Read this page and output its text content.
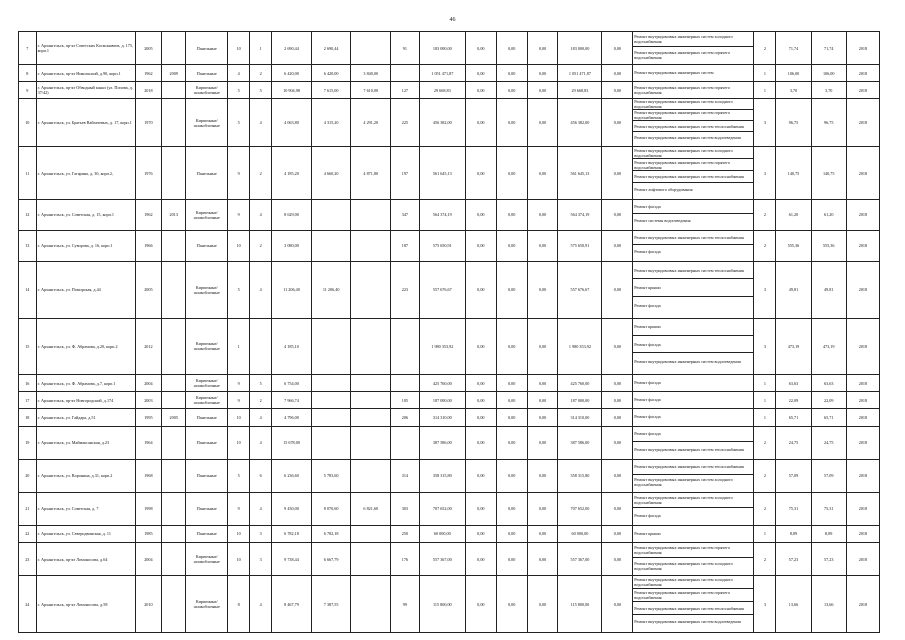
46
7	г. Архангельск, пр-кт Советских Космонавтов, д. 175, корп.1	2005		Панельные	10	1	2 690,44	2 690,44		91	183 000,00	0,00	0,00	0,00	183 000,00	0,00	Ремонт внутридомовых инженерных систем холодного водоснабжения
Ремонт внутридомовых инженерных систем горячего водоснабжения	2	71,74	71,74	2018
8	г. Архангельск, пр-кт Никольский, д.90, корп.1	1962	2009	Панельные	4	2	6 420,00	6 420,00	3 840,00		1 051 471,87	0,00	0,00	0,00	1 051 471,87	0,00	Ремонт внутридомовых инженерных систем	1	106,00	106,00	2018
9	г. Архангельск, пр-кт Обводный канал (ул. Попова, д. 37/42)	2018		Кирпичные/ шлакоблочные	5	5	10 904,98	7 615,00	7 610,00	127	29 668,83	0,00	0,00	0,00	29 668,83	0,00	Ремонт внутридомовых инженерных систем горячего водоснабжения	1	3,70	3,70	2018
10	г. Архангельск, ул. Братьев Вайгачевых, д. 17, корп.1	1970		Кирпичные/ шлакоблочные	5	4	4 063,80	4 315,20	4 291,20	225	456 382,00	0,00	0,00	0,00	456 382,00	0,00	Ремонт внутридомовых инженерных систем холодного водоснабжения
Ремонт внутридомовых инженерных систем горячего водоснабжения
Ремонт внутридомовых инженерных систем теплоснабжения
Ремонт внутридомовых инженерных систем водоотведения	3	96,75	96,75	2018
11	г. Архангельск, ул. Гагарина, д. 30, корп.2,	1976		Панельные	9	2	4 185,20	4 660,20	4 871,80	197	561 645,13	0,00	0,00	0,00	561 645,13	0,00	Ремонт внутридомовых инженерных систем холодного водоснабжения
Ремонт внутридомовых инженерных систем горячего водоснабжения
Ремонт внутридомовых инженерных систем теплоснабжения
Ремонт лифтового оборудования	3	140,75	140,75	2018
12	г. Архангельск, ул. Советская, д. 15, корп.1	1962	2013	Кирпичные/ шлакоблочные	9	4	8 629,00			347	564 374,19	0,00	0,00	0,00	564 374,19	0,00	Ремонт фасада
Ремонт системы водоотведения	2	61,20	61,20	2018
13	г. Архангельск, ул. Суворова, д. 16, корп.1	1966		Панельные	10	2	3 080,00			187	575 650,91	0,00	0,00	0,00	575 650,91	0,00	Ремонт внутридомовых инженерных систем теплоснабжения
Ремонт фасада	2	555,36	555,36	2018
14	г. Архангельск, ул. Поморская, д.44	2005		Кирпичные/ шлакоблочные	5	4	11 206,40	11 206,40		223	557 676,67	0,00	0,00	0,00	557 676,67	0,00	Ремонт внутридомовых инженерных систем теплоснабжения
Ремонт крыши
Ремонт фасада	3	49,81	49,81	2018
15	г. Архангельск, ул. Ф. Абрамова, д.20, корп.2	2012		Кирпичные/ шлакоблочные	1		4 185,10				1 980 353,92	0,00	0,00	0,00	1 980 353,92	0,00	Ремонт крыши
Ремонт фасада
Ремонт внутридомовых инженерных систем водоотведения	3	473,19	473,19	2018
16	г. Архангельск, ул. Ф. Абрамова, д.7, корп.1	2004		Кирпичные/ шлакоблочные	9	5	6 754,00				425 760,00	0,00	0,00	0,00	425 760,00	0,00	Ремонт фасада	1	63,63	63,63	2018
17	г. Архангельск, пр-кт Новгородский, д.174	2003		Кирпичные/ шлакоблочные	9	2	7 966,74			105	187 000,00	0,00	0,00	0,00	187 000,00	0,00	Ремонт фасада	1	22,09	22,09	2018
18	г. Архангельск, ул. Гайдара, д.51	1995	2005	Панельные	10	4	4 796,00			206	314 310,00	0,00	0,00	0,00	314 310,00	0,00	Ремонт фасада	1	65,71	65,71	2018
19	г. Архангельск, ул. Маймаксанская, д.23	1964		Панельные	10	4	15 678,00				387 586,00	0,00	0,00	0,00	387 586,00	0,00	Ремонт фасада
Ремонт внутридомовых инженерных систем теплоснабжения	2	24,75	24,75	2018
20	г. Архангельск, ул. Воронина, д.31, корп.2	1968		Панельные	5	6	6 236,60	5 783,60		314	358 315,80	0,00	0,00	0,00	358 315,80	0,00	Ремонт внутридомовых инженерных систем теплоснабжения
Ремонт внутридомовых инженерных систем холодного водоснабжения	2	57,09	57,09	2018
21	г. Архангельск, ул. Советская, д. 7	1998		Панельные	9	4	9 430,00	8 070,60	6 821,60	303	707 652,00	0,00	0,00	0,00	707 652,00	0,00	Ремонт внутридомовых инженерных систем холодного водоснабжения
Ремонт фасада	2	75,31	75,31	2018
22	г. Архангельск, ул. Северодвинская, д. 11	1985		Панельные	10	3	6 782,18	6 782,18		250	60 000,00	0,00	0,00	0,00	60 000,00	0,00	Ремонт крыши	1	8,89	8,89	2018
23	г. Архангельск, пр-кт Ломоносова, д.64	2004		Кирпичные/ шлакоблочные	10	3	9 738,44	6 667,79		176	557 367,00	0,00	0,00	0,00	557 367,00	0,00	Ремонт внутридомовых инженерных систем горячего водоснабжения
Ремонт внутридомовых инженерных систем холодного водоснабжения	2	57,23	57,23	2018
24	г. Архангельск, пр-кт Ломоносова, д.58	2010		Кирпичные/ шлакоблочные	8	4	8 467,79	7 387,55		99	115 800,00	0,00	0,00	0,00	115 800,00	0,00	Ремонт внутридомовых инженерных систем холодного водоснабжения
Ремонт внутридомовых инженерных систем горячего водоснабжения
Ремонт внутридомовых инженерных систем теплоснабжения
Ремонт внутридомовых инженерных систем водоотведения	3	13,66	13,66	2018
